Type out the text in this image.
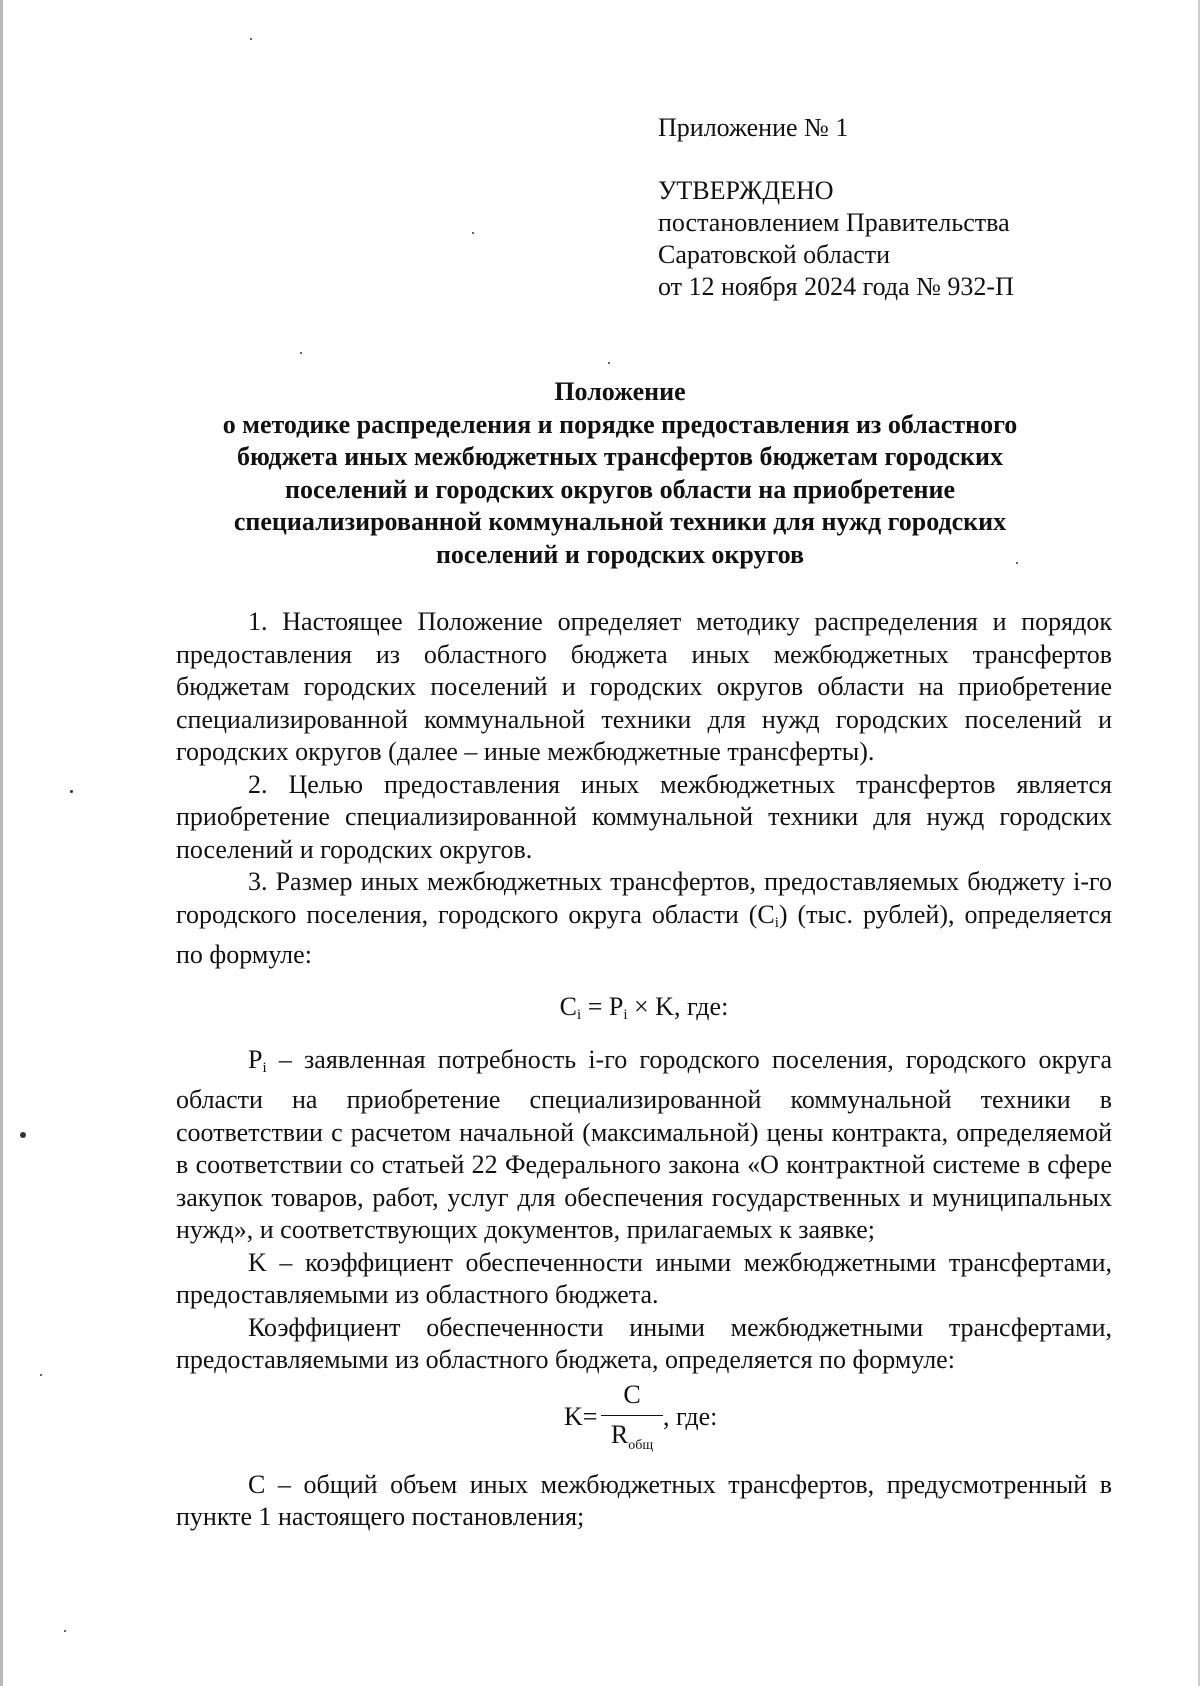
Приложение № 1
УТВЕРЖДЕНО
постановлением Правительства
Саратовской области
от 12 ноября 2024 года № 932-П
Положение
о методике распределения и порядке предоставления из областного
бюджета иных межбюджетных трансфертов бюджетам городских
поселений и городских округов области на приобретение
специализированной коммунальной техники для нужд городских
поселений и городских округов

1. Настоящее Положение определяет методику распределения и порядок предоставления из областного бюджета иных межбюджетных трансфертов бюджетам городских поселений и городских округов области на приобретение специализированной коммунальной техники для нужд городских поселений и городских округов (далее – иные межбюджетные трансферты).

2. Целью предоставления иных межбюджетных трансфертов является приобретение специализированной коммунальной техники для нужд городских поселений и городских округов.

3. Размер иных межбюджетных трансфертов, предоставляемых бюджету i-го городского поселения, городского округа области $(C_i)$ (тыс. рублей), определяется по формуле:

$C_i = P_i \times K$, где:

$P_i$ – заявленная потребность i-го городского поселения, городского округа области на приобретение специализированной коммунальной техники в соответствии с расчетом начальной (максимальной) цены контракта, определяемой в соответствии со статьей 22 Федерального закона «О контрактной системе в сфере закупок товаров, работ, услуг для обеспечения государственных и муниципальных нужд», и соответствующих документов, прилагаемых к заявке;

K – коэффициент обеспеченности иными межбюджетными трансфертами, предоставляемыми из областного бюджета.

Коэффициент обеспеченности иными межбюджетными трансфертами, предоставляемыми из областного бюджета, определяется по формуле:

K=
C
$R_{общ}$
, где:

C – общий объем иных межбюджетных трансфертов, предусмотренный в пункте 1 настоящего постановления;
